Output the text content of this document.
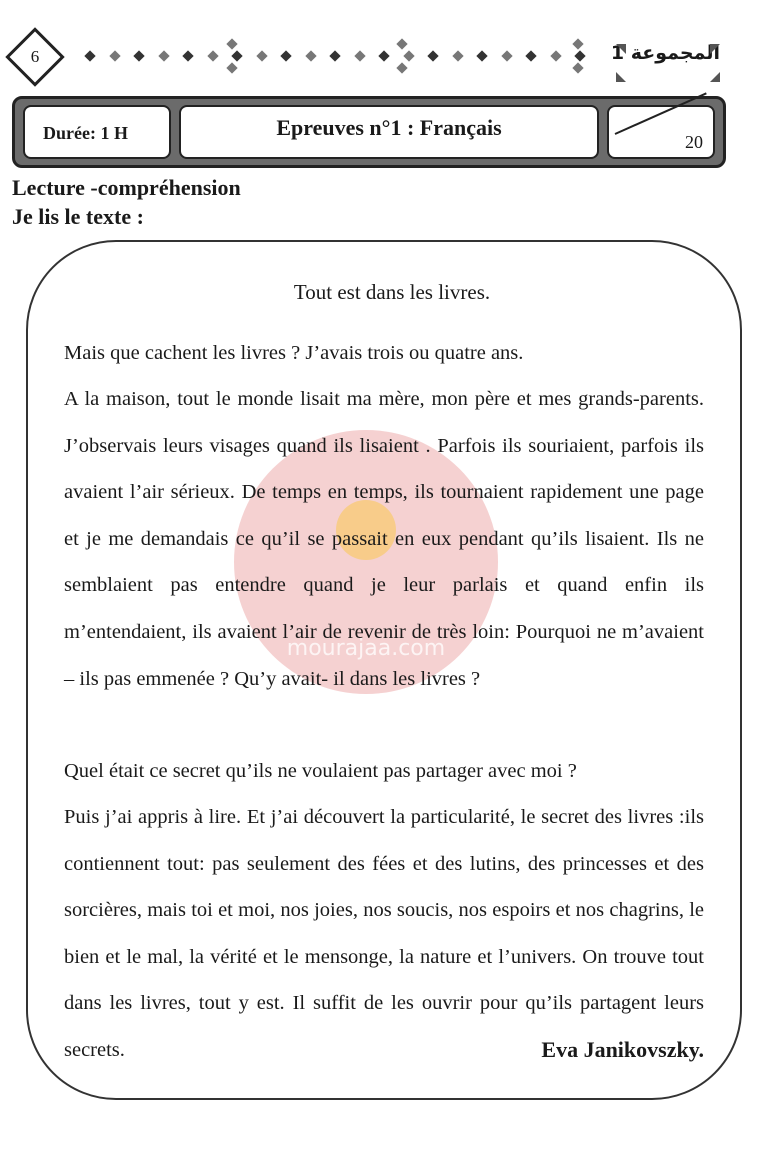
6	المجموعة 1
Durée: 1 H	Epreuves n°1 : Français
20
Lecture -compréhension
Je lis le texte :
mourajaa.com
Tout est dans les livres.

Mais que cachent les livres ? J’avais trois ou quatre ans.

A la maison, tout le monde lisait ma mère, mon père et mes grands-parents. J’observais leurs visages quand ils lisaient . Parfois ils souriaient, parfois ils avaient l’air sérieux. De temps en temps, ils tournaient rapidement une page et je me demandais ce qu’il se passait en eux pendant qu’ils lisaient. Ils ne semblaient pas entendre quand je leur parlais et quand enfin ils m’entendaient, ils avaient l’air de revenir de très loin: Pourquoi ne m’avaient – ils pas emmenée ? Qu’y avait- il dans les livres ?

Quel était ce secret qu’ils ne voulaient pas partager avec moi ?

Puis j’ai appris à lire. Et j’ai découvert la particularité, le secret des livres :ils contiennent tout: pas seulement des fées et des lutins, des princesses et des sorcières, mais toi et moi, nos joies, nos soucis, nos espoirs et nos chagrins, le bien et le mal, la vérité et le mensonge, la nature et l’univers. On trouve tout dans les livres, tout y est. Il suffit de les ouvrir pour qu’ils partagent leurs secrets.	Eva Janikovszky.
